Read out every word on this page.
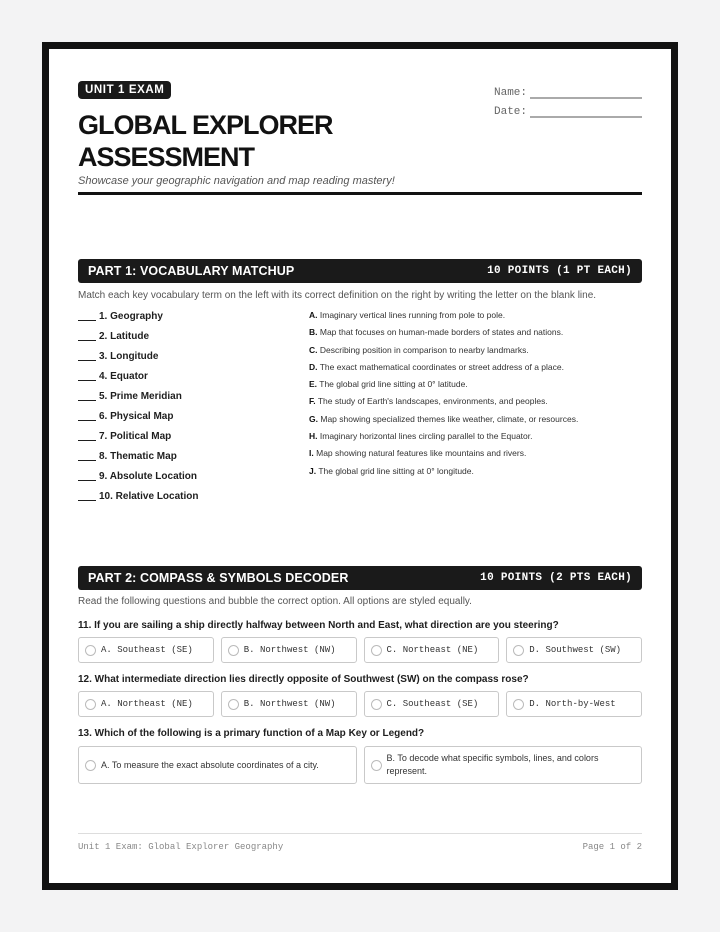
UNIT 1 EXAM
GLOBAL EXPLORER
ASSESSMENT
Showcase your geographic navigation and map reading mastery!
Name:
Date:
PART 1: VOCABULARY MATCHUP	10 POINTS (1 PT EACH)
Match each key vocabulary term on the left with its correct definition on the right by writing the letter on the blank line.
1. Geography
2. Latitude
3. Longitude
4. Equator
5. Prime Meridian
6. Physical Map
7. Political Map
8. Thematic Map
9. Absolute Location
10. Relative Location
A. Imaginary vertical lines running from pole to pole.
B. Map that focuses on human-made borders of states and nations.
C. Describing position in comparison to nearby landmarks.
D. The exact mathematical coordinates or street address of a place.
E. The global grid line sitting at 0° latitude.
F. The study of Earth's landscapes, environments, and peoples.
G. Map showing specialized themes like weather, climate, or resources.
H. Imaginary horizontal lines circling parallel to the Equator.
I. Map showing natural features like mountains and rivers.
J. The global grid line sitting at 0° longitude.
PART 2: COMPASS & SYMBOLS DECODER	10 POINTS (2 PTS EACH)
Read the following questions and bubble the correct option. All options are styled equally.
11. If you are sailing a ship directly halfway between North and East, what direction are you steering?
A. Southeast (SE)	B. Northwest (NW)	C. Northeast (NE)	D. Southwest (SW)
12. What intermediate direction lies directly opposite of Southwest (SW) on the compass rose?
A. Northeast (NE)	B. Northwest (NW)	C. Southeast (SE)	D. North-by-West
13. Which of the following is a primary function of a Map Key or Legend?
A. To measure the exact absolute coordinates of a city.
B. To decode what specific symbols, lines, and colors represent.
Unit 1 Exam: Global Explorer Geography	Page 1 of 2
